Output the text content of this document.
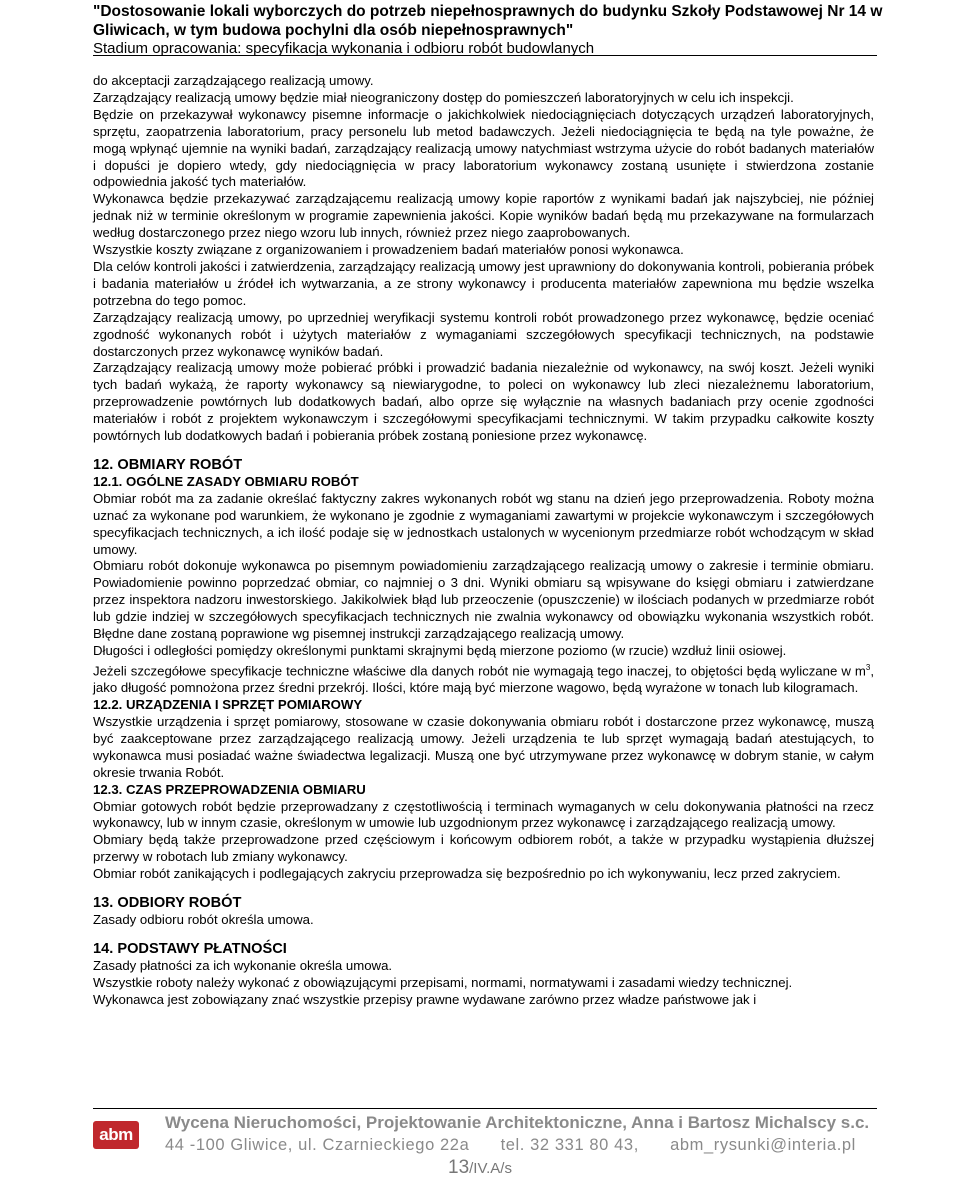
"Dostosowanie lokali wyborczych do potrzeb niepełnosprawnych do budynku Szkoły Podstawowej Nr 14 w
Gliwicach, w tym budowa pochylni dla osób niepełnosprawnych"
Stadium opracowania: specyfikacja wykonania i odbioru robót budowlanych

do akceptacji zarządzającego realizacją umowy.

Zarządzający realizacją umowy będzie miał nieograniczony dostęp do pomieszczeń laboratoryjnych w celu ich inspekcji.

Będzie on przekazywał wykonawcy pisemne informacje o jakichkolwiek niedociągnięciach dotyczących urządzeń laboratoryjnych, sprzętu, zaopatrzenia laboratorium, pracy personelu lub metod badawczych. Jeżeli niedociągnięcia te będą na tyle poważne, że mogą wpłynąć ujemnie na wyniki badań, zarządzający realizacją umowy natychmiast wstrzyma użycie do robót badanych materiałów i dopuści je dopiero wtedy, gdy niedociągnięcia w pracy laboratorium wykonawcy zostaną usunięte i stwierdzona zostanie odpowiednia jakość tych materiałów.

Wykonawca będzie przekazywać zarządzającemu realizacją umowy kopie raportów z wynikami badań jak najszybciej, nie później jednak niż w terminie określonym w programie zapewnienia jakości. Kopie wyników badań będą mu przekazywane na formularzach według dostarczonego przez niego wzoru lub innych, również przez niego zaaprobowanych.

Wszystkie koszty związane z organizowaniem i prowadzeniem badań materiałów ponosi wykonawca.

Dla celów kontroli jakości i zatwierdzenia, zarządzający realizacją umowy jest uprawniony do dokonywania kontroli, pobierania próbek i badania materiałów u źródeł ich wytwarzania, a ze strony wykonawcy i producenta materiałów zapewniona mu będzie wszelka potrzebna do tego pomoc.

Zarządzający realizacją umowy, po uprzedniej weryfikacji systemu kontroli robót prowadzonego przez wykonawcę, będzie oceniać zgodność wykonanych robót i użytych materiałów z wymaganiami szczegółowych specyfikacji technicznych, na podstawie dostarczonych przez wykonawcę wyników badań.

Zarządzający realizacją umowy może pobierać próbki i prowadzić badania niezależnie od wykonawcy, na swój koszt. Jeżeli wyniki tych badań wykażą, że raporty wykonawcy są niewiarygodne, to poleci on wykonawcy lub zleci niezależnemu laboratorium, przeprowadzenie powtórnych lub dodatkowych badań, albo oprze się wyłącznie na własnych badaniach przy ocenie zgodności materiałów i robót z projektem wykonawczym i szczegółowymi specyfikacjami technicznymi. W takim przypadku całkowite koszty powtórnych lub dodatkowych badań i pobierania próbek zostaną poniesione przez wykonawcę.

12. OBMIARY ROBÓT
12.1. OGÓLNE ZASADY OBMIARU ROBÓT

Obmiar robót ma za zadanie określać faktyczny zakres wykonanych robót wg stanu na dzień jego przeprowadzenia. Roboty można uznać za wykonane pod warunkiem, że wykonano je zgodnie z wymaganiami zawartymi w projekcie wykonawczym i szczegółowych specyfikacjach technicznych, a ich ilość podaje się w jednostkach ustalonych w wycenionym przedmiarze robót wchodzącym w skład umowy.

Obmiaru robót dokonuje wykonawca po pisemnym powiadomieniu zarządzającego realizacją umowy o zakresie i terminie obmiaru. Powiadomienie powinno poprzedzać obmiar, co najmniej o 3 dni. Wyniki obmiaru są wpisywane do księgi obmiaru i zatwierdzane przez inspektora nadzoru inwestorskiego. Jakikolwiek błąd lub przeoczenie (opuszczenie) w ilościach podanych w przedmiarze robót lub gdzie indziej w szczegółowych specyfikacjach technicznych nie zwalnia wykonawcy od obowiązku wykonania wszystkich robót. Błędne dane zostaną poprawione wg pisemnej instrukcji zarządzającego realizacją umowy.

Długości i odległości pomiędzy określonymi punktami skrajnymi będą mierzone poziomo (w rzucie) wzdłuż linii osiowej.

Jeżeli szczegółowe specyfikacje techniczne właściwe dla danych robót nie wymagają tego inaczej, to objętości będą wyliczane w $m^3$, jako długość pomnożona przez średni przekrój. Ilości, które mają być mierzone wagowo, będą wyrażone w tonach lub kilogramach.

12.2. URZĄDZENIA I SPRZĘT POMIAROWY

Wszystkie urządzenia i sprzęt pomiarowy, stosowane w czasie dokonywania obmiaru robót i dostarczone przez wykonawcę, muszą być zaakceptowane przez zarządzającego realizacją umowy. Jeżeli urządzenia te lub sprzęt wymagają badań atestujących, to wykonawca musi posiadać ważne świadectwa legalizacji. Muszą one być utrzymywane przez wykonawcę w dobrym stanie, w całym okresie trwania Robót.

12.3. CZAS PRZEPROWADZENIA OBMIARU

Obmiar gotowych robót będzie przeprowadzany z częstotliwością i terminach wymaganych w celu dokonywania płatności na rzecz wykonawcy, lub w innym czasie, określonym w umowie lub uzgodnionym przez wykonawcę i zarządzającego realizacją umowy.

Obmiary będą także przeprowadzone przed częściowym i końcowym odbiorem robót, a także w przypadku wystąpienia dłuższej przerwy w robotach lub zmiany wykonawcy.

Obmiar robót zanikających i podlegających zakryciu przeprowadza się bezpośrednio po ich wykonywaniu, lecz przed zakryciem.

13. ODBIORY ROBÓT

Zasady odbioru robót określa umowa.

14. PODSTAWY PŁATNOŚCI

Zasady płatności za ich wykonanie określa umowa.

Wszystkie roboty należy wykonać z obowiązującymi przepisami, normami, normatywami i zasadami wiedzy technicznej.

Wykonawca jest zobowiązany znać wszystkie przepisy prawne wydawane zarówno przez władze państwowe jak i

abm
Wycena Nieruchomości, Projektowanie Architektoniczne, Anna i Bartosz Michalscy s.c.
44 -100 Gliwice, ul. Czarnieckiego 22a tel. 32 331 80 43, abm_rysunki@interia.pl
13/IV.A/s
